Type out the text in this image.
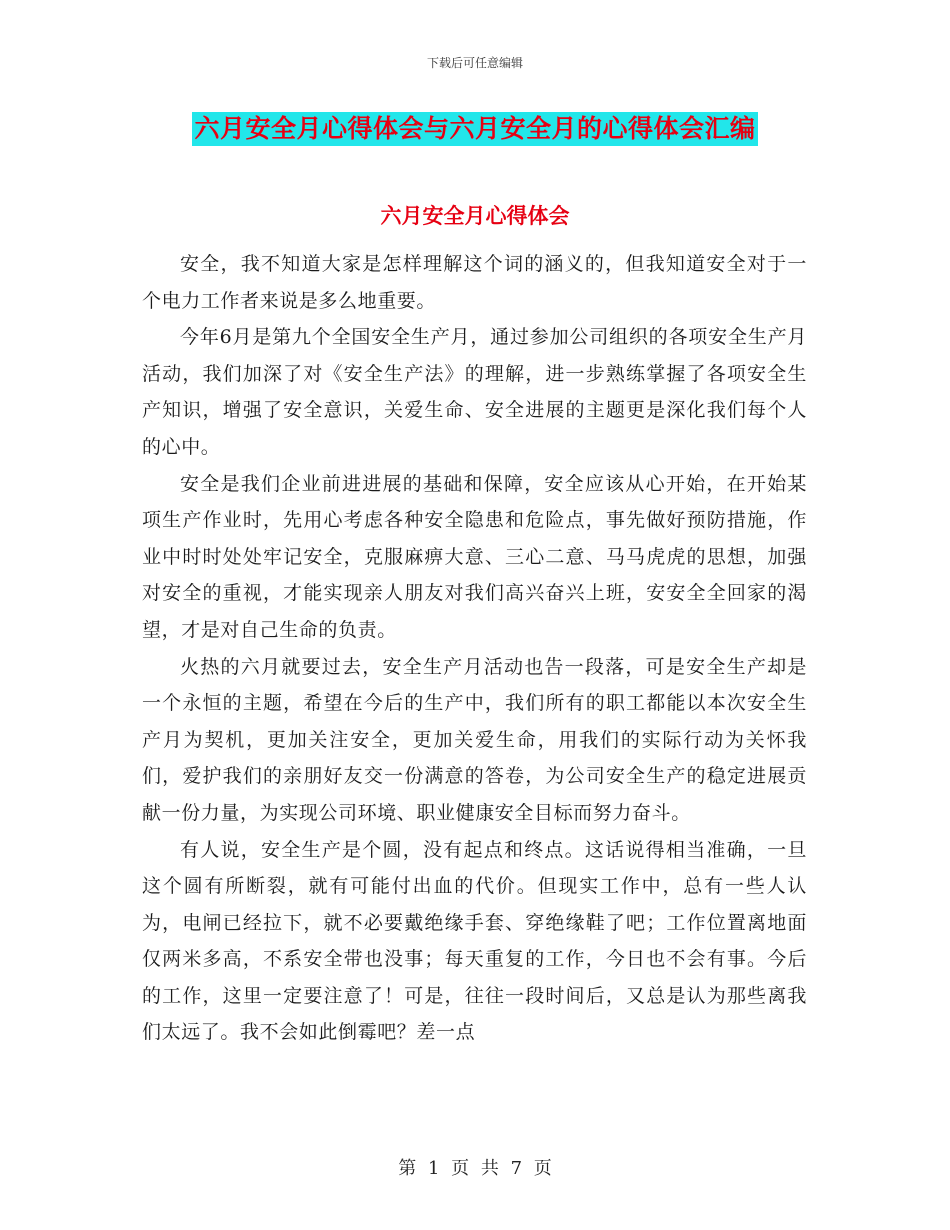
下载后可任意编辑
六月安全月心得体会与六月安全月的心得体会汇编
六月安全月心得体会

安全，我不知道大家是怎样理解这个词的涵义的，但我知道安全对于一个电力工作者来说是多么地重要。

今年6月是第九个全国安全生产月，通过参加公司组织的各项安全生产月活动，我们加深了对《安全生产法》的理解，进一步熟练掌握了各项安全生产知识，增强了安全意识，关爱生命、安全进展的主题更是深化我们每个人的心中。

安全是我们企业前进进展的基础和保障，安全应该从心开始，在开始某项生产作业时，先用心考虑各种安全隐患和危险点，事先做好预防措施，作业中时时处处牢记安全，克服麻痹大意、三心二意、马马虎虎的思想，加强对安全的重视，才能实现亲人朋友对我们高兴奋兴上班，安安全全回家的渴望，才是对自己生命的负责。

火热的六月就要过去，安全生产月活动也告一段落，可是安全生产却是一个永恒的主题，希望在今后的生产中，我们所有的职工都能以本次安全生产月为契机，更加关注安全，更加关爱生命，用我们的实际行动为关怀我们，爱护我们的亲朋好友交一份满意的答卷，为公司安全生产的稳定进展贡献一份力量，为实现公司环境、职业健康安全目标而努力奋斗。

有人说，安全生产是个圆，没有起点和终点。这话说得相当准确，一旦这个圆有所断裂，就有可能付出血的代价。但现实工作中，总有一些人认为，电闸已经拉下，就不必要戴绝缘手套、穿绝缘鞋了吧；工作位置离地面仅两米多高，不系安全带也没事；每天重复的工作，今日也不会有事。今后的工作，这里一定要注意了！可是，往往一段时间后，又总是认为那些离我们太远了。我不会如此倒霉吧？差一点

第 1 页 共 7 页
